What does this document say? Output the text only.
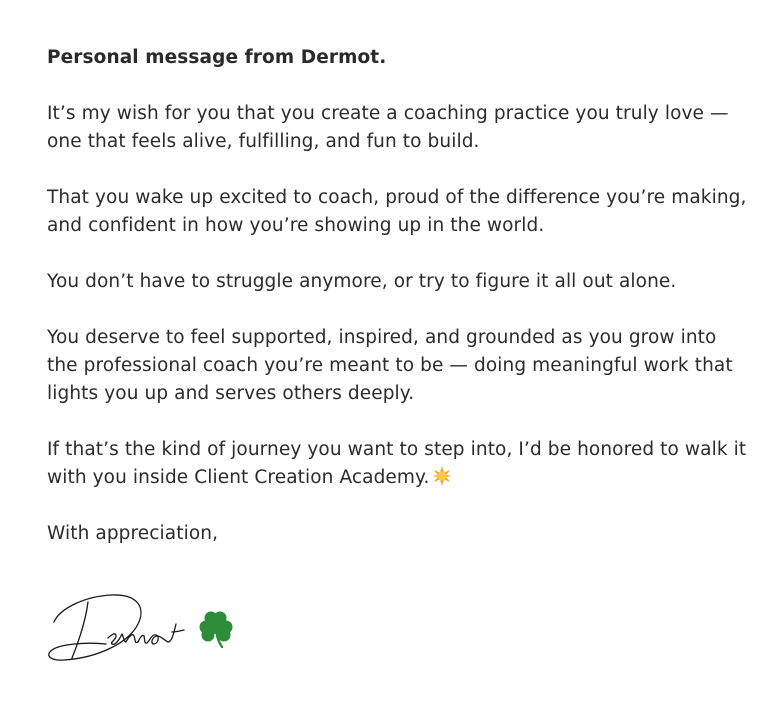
Personal message from Dermot.

It’s my wish for you that you create a coaching practice you truly love — one that feels alive, fulfilling, and fun to build.

That you wake up excited to coach, proud of the difference you’re making, and confident in how you’re showing up in the world.

You don’t have to struggle anymore, or try to figure it all out alone.

You deserve to feel supported, inspired, and grounded as you grow into the professional coach you’re meant to be — doing meaningful work that lights you up and serves others deeply.

If that’s the kind of journey you want to step into, I’d be honored to walk it with you inside Client Creation Academy.

With appreciation,
